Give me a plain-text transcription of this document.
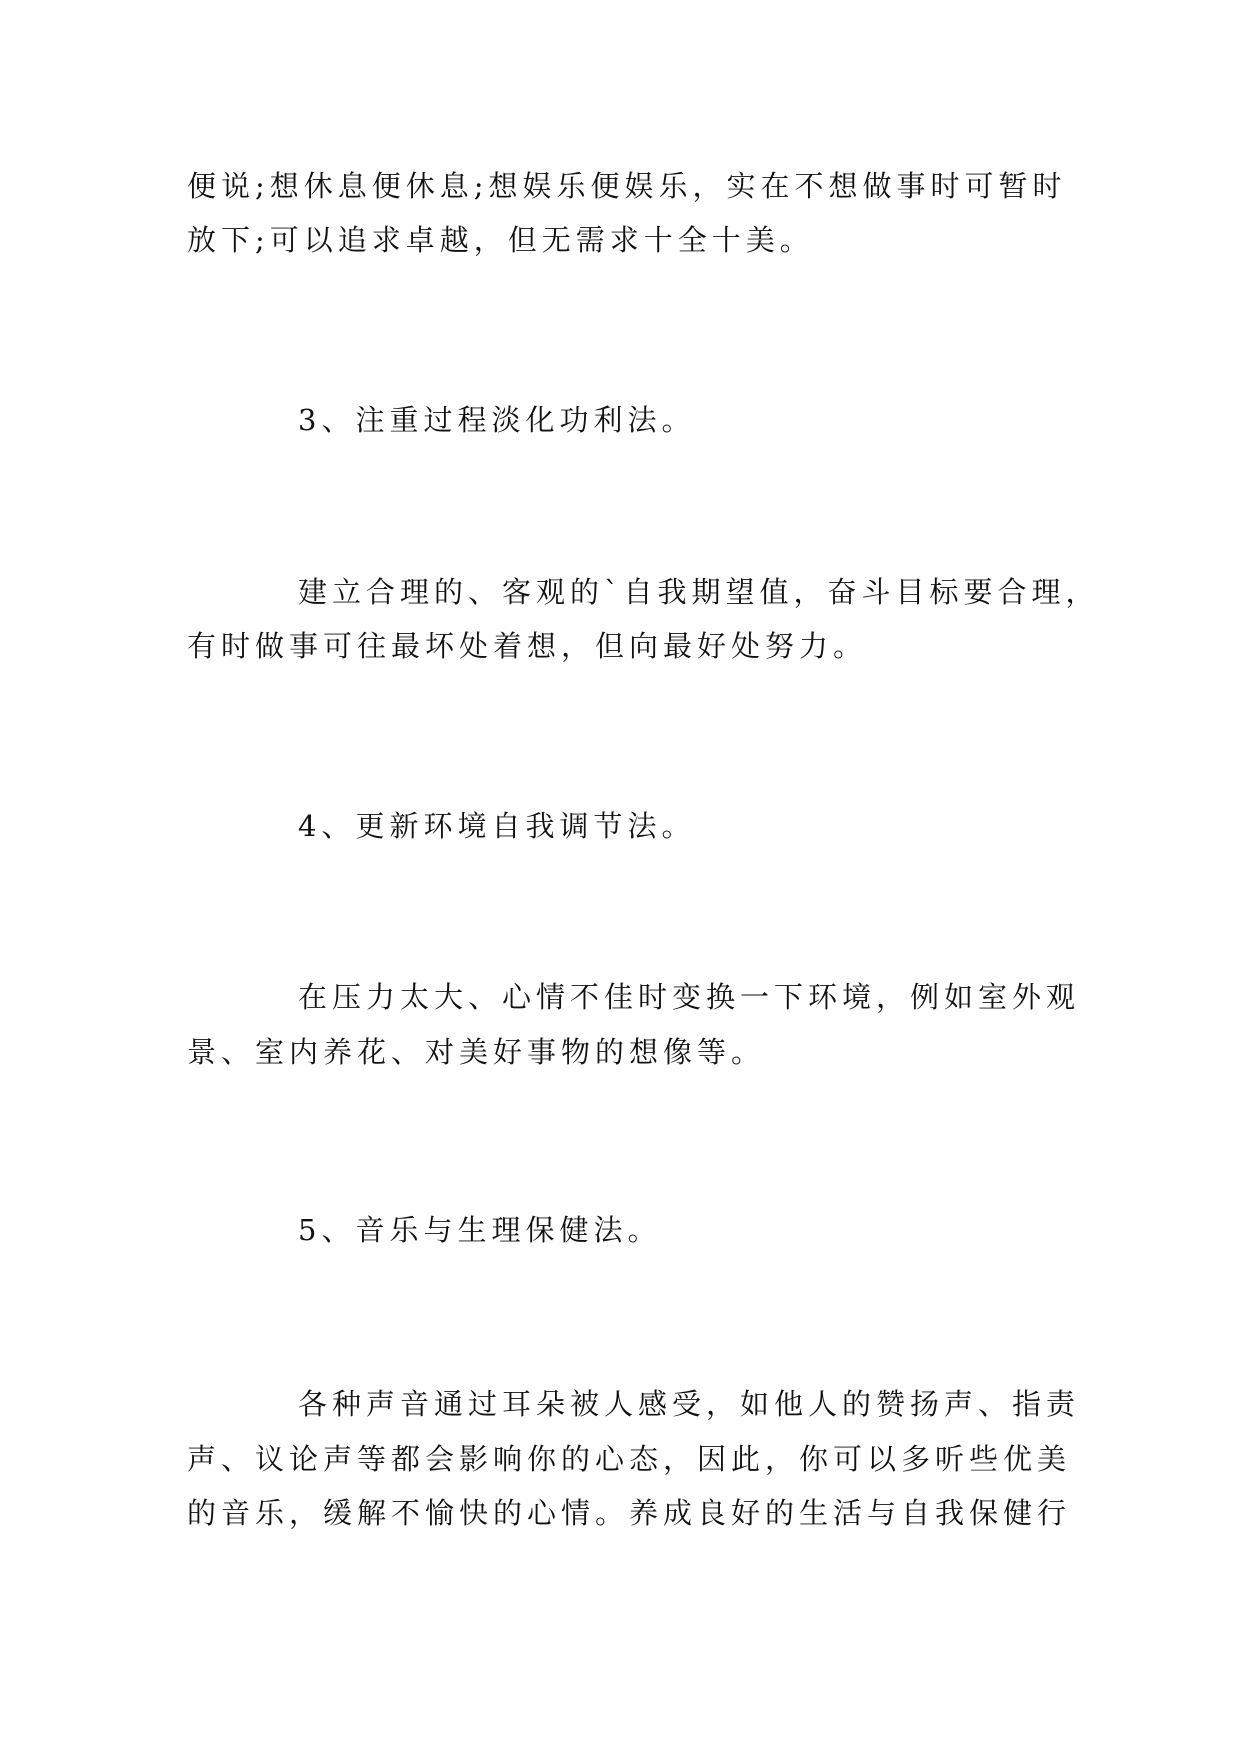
便说;想休息便休息;想娱乐便娱乐，实在不想做事时可暂时
放下;可以追求卓越，但无需求十全十美。
3、注重过程淡化功利法。
建立合理的、客观的`自我期望值，奋斗目标要合理，
有时做事可往最坏处着想，但向最好处努力。
4、更新环境自我调节法。
在压力太大、心情不佳时变换一下环境，例如室外观
景、室内养花、对美好事物的想像等。
5、音乐与生理保健法。
各种声音通过耳朵被人感受，如他人的赞扬声、指责
声、议论声等都会影响你的心态，因此，你可以多听些优美
的音乐，缓解不愉快的心情。养成良好的生活与自我保健行
